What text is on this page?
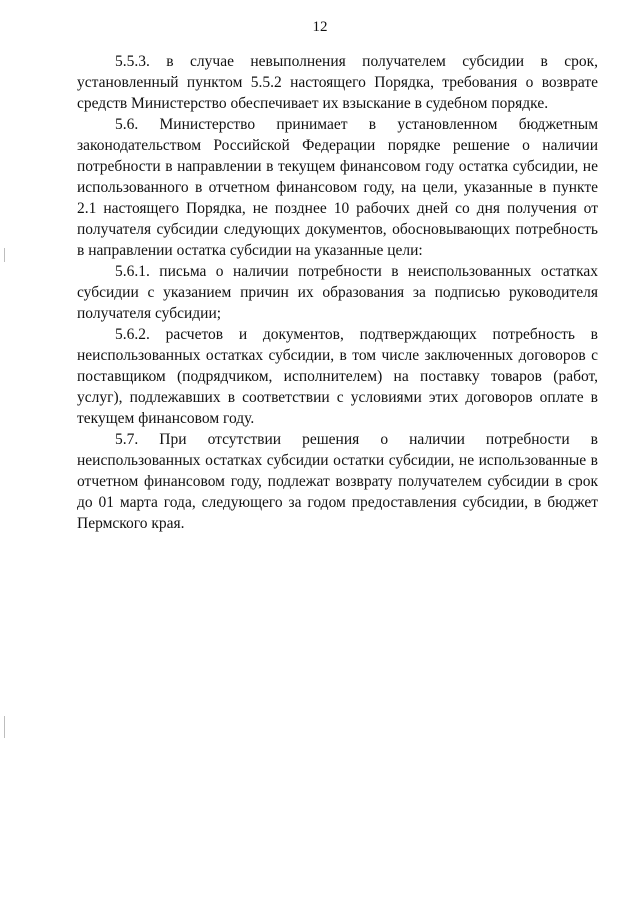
12

5.5.3. в случае невыполнения получателем субсидии в срок, установленный пунктом 5.5.2 настоящего Порядка, требования о возврате средств Министерство обеспечивает их взыскание в судебном порядке.

5.6. Министерство принимает в установленном бюджетным законодательством Российской Федерации порядке решение о наличии потребности в направлении в текущем финансовом году остатка субсидии, не использованного в отчетном финансовом году, на цели, указанные в пункте 2.1 настоящего Порядка, не позднее 10 рабочих дней со дня получения от получателя субсидии следующих документов, обосновывающих потребность в направлении остатка субсидии на указанные цели:

5.6.1. письма о наличии потребности в неиспользованных остатках субсидии с указанием причин их образования за подписью руководителя получателя субсидии;

5.6.2. расчетов и документов, подтверждающих потребность в неиспользованных остатках субсидии, в том числе заключенных договоров с поставщиком (подрядчиком, исполнителем) на поставку товаров (работ, услуг), подлежавших в соответствии с условиями этих договоров оплате в текущем финансовом году.

5.7. При отсутствии решения о наличии потребности в неиспользованных остатках субсидии остатки субсидии, не использованные в отчетном финансовом году, подлежат возврату получателем субсидии в срок до 01 марта года, следующего за годом предоставления субсидии, в бюджет Пермского края.
